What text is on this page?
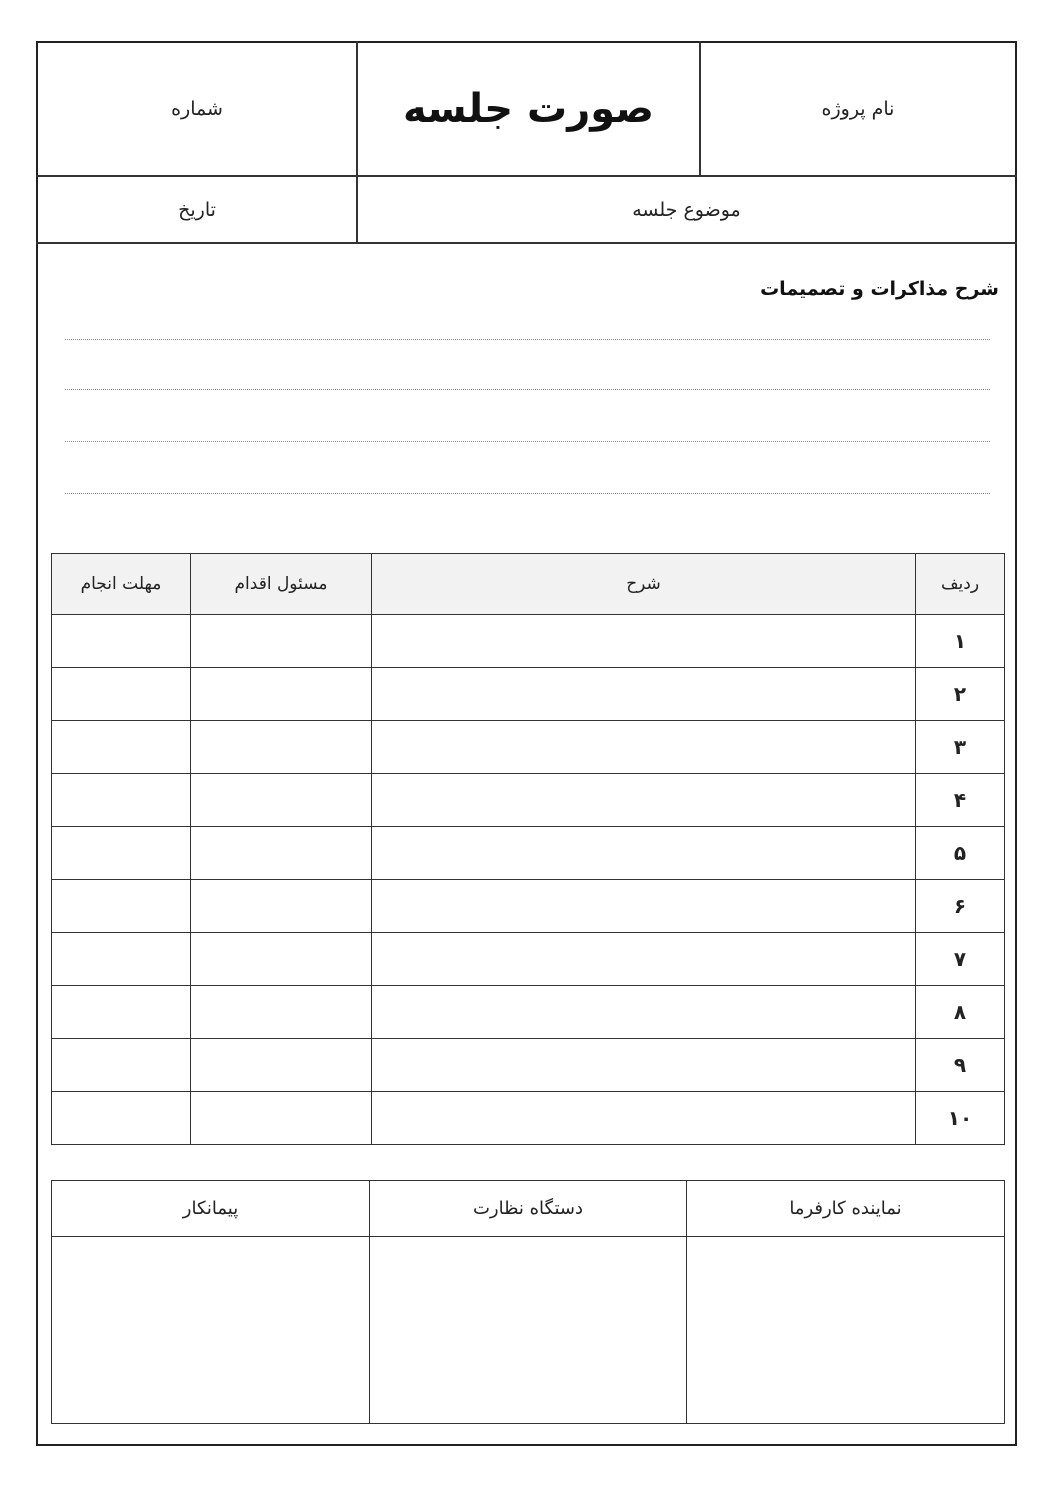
شماره	صورت جلسه	نام پروژه
تاریخ	موضوع جلسه
شرح مذاکرات و تصمیمات
ردیف	شرح	مسئول اقدام	مهلت انجام
۱			
۲			
۳			
۴			
۵			
۶			
۷			
۸			
۹			
۱۰			
نماینده کارفرما	دستگاه نظارت	پیمانکار
